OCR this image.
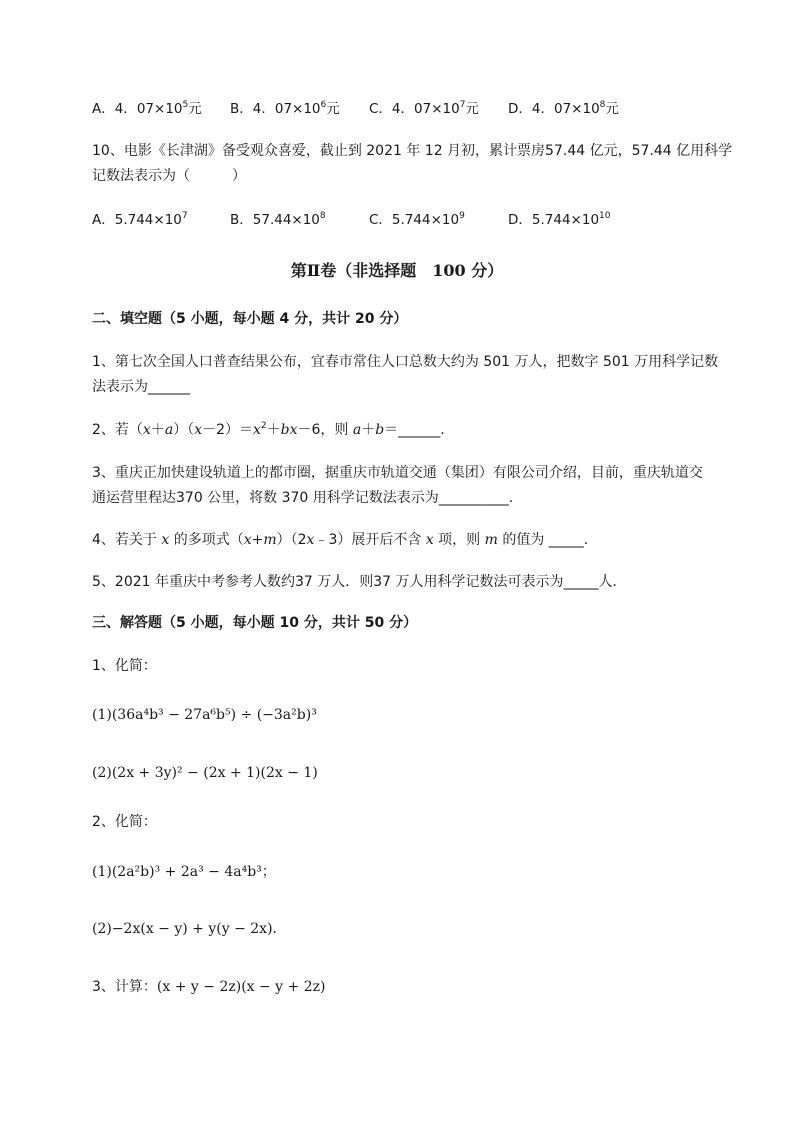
A．4．$07\times 10^5$元 B．4．$07\times 10^6$元 C．4．$07\times 10^7$元 D．4．$07\times 10^8$元
10、电影《长津湖》备受观众喜爱，截止到 2021 年 12 月初，累计票房57.44 亿元，57.44 亿用科学
记数法表示为（　　　）
A．$5.744\times 10^7$	B．$57.44\times 10^8$	C．$5.744\times 10^9$	D．$5.744\times 10^{10}$
第Ⅱ卷（非选择题　100 分）
二、填空题（5 小题，每小题 4 分，共计 20 分）
1、第七次全国人口普查结果公布，宜春市常住人口总数大约为 501 万人，把数字 501 万用科学记数
法表示为______
2、若$(x+a)(x-2)=x^2+bx-6$，则 a＋b＝______.
3、重庆正加快建设轨道上的都市圈，据重庆市轨道交通（集团）有限公司介绍，目前，重庆轨道交
通运营里程达370 公里，将数 370 用科学记数法表示为__________.
4、若关于 x 的多项式（x+m）（2x﹣3）展开后不含 x 项，则 m 的值为 _____.
5、2021 年重庆中考参考人数约37 万人．则37 万人用科学记数法可表示为_____人．
三、解答题（5 小题，每小题 10 分，共计 50 分）
1、化简：
(1)(36a⁴b³ − 27a⁶b⁵) ÷ (−3a²b)³
(2)(2x + 3y)² − (2x + 1)(2x − 1)
2、化简：
(1)(2a²b)³ + 2a³ − 4a⁴b³；
(2)−2x(x − y) + y(y − 2x)．
3、计算：(x + y − 2z)(x − y + 2z)
